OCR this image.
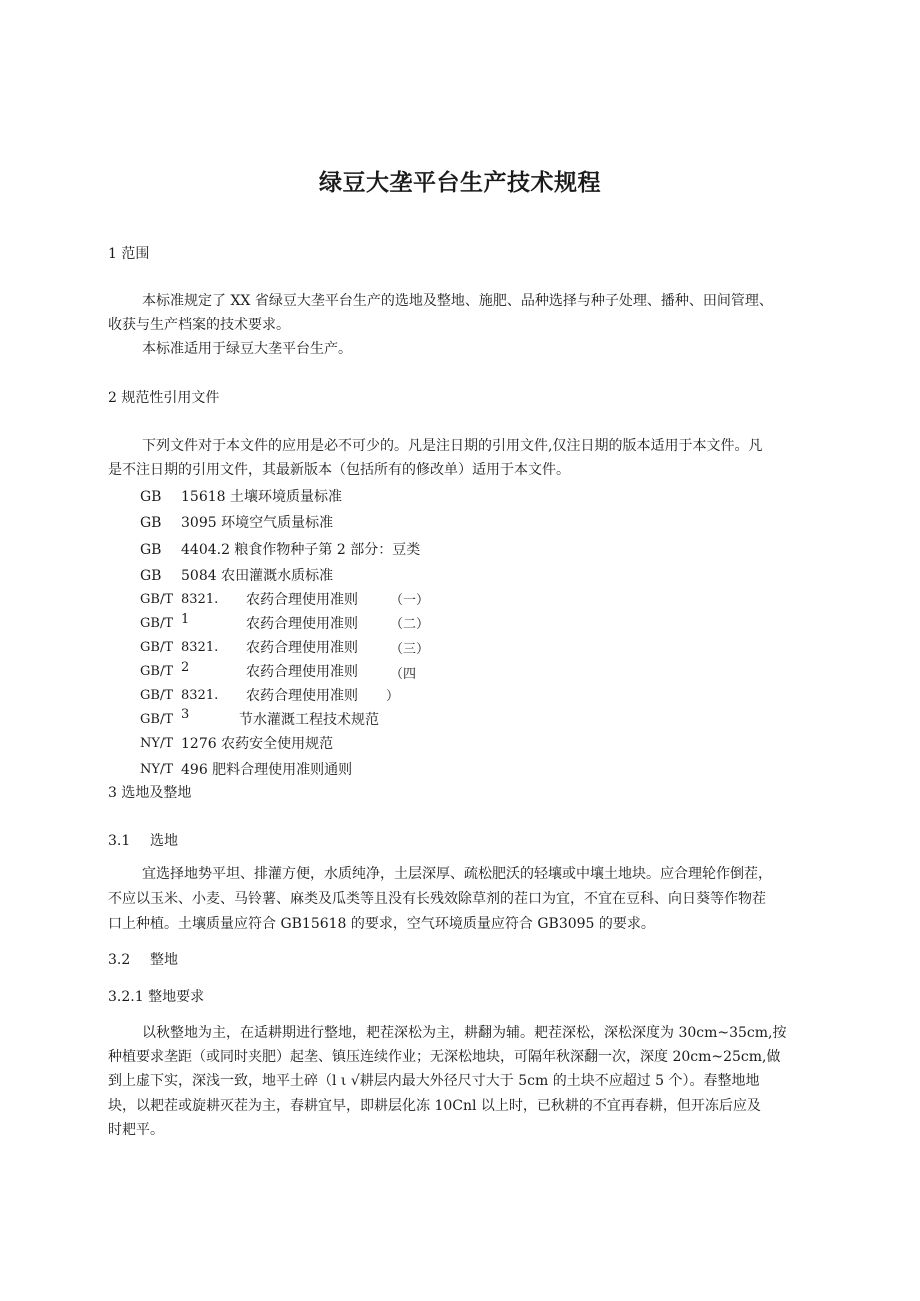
绿豆大垄平台生产技术规程
1 范围
本标准规定了 XX 省绿豆大垄平台生产的选地及整地、施肥、品种选择与种子处理、播种、田间管理、
收获与生产档案的技术要求。
本标准适用于绿豆大垄平台生产。
2 规范性引用文件
下列文件对于本文件的应用是必不可少的。凡是注日期的引用文件,仅注日期的版本适用于本文件。凡
是不注日期的引用文件，其最新版本（包括所有的修改单）适用于本文件。
GB 15618 土壤环境质量标准
GB 3095 环境空气质量标准
GB 4404.2 粮食作物种子第 2 部分：豆类
GB 5084 农田灌溉水质标准
GB/T
GB/T
GB/T
GB/T
GB/T
GB/T
NY/T
NY/T
8321.
1
8321.
2
8321.
3
1276 农药安全使用规范
496 肥料合理使用准则通则
农药合理使用准则
农药合理使用准则
农药合理使用准则
农药合理使用准则
农药合理使用准则
节水灌溉工程技术规范
（一）
（二）
（三）
（四
）
3 选地及整地
3.1 选地
宜选择地势平坦、排灌方便，水质纯净，土层深厚、疏松肥沃的轻壤或中壤土地块。应合理轮作倒茬，
不应以玉米、小麦、马铃薯、麻类及瓜类等且没有长残效除草剂的茬口为宜，不宜在豆科、向日葵等作物茬
口上种植。土壤质量应符合 GB15618 的要求，空气环境质量应符合 GB3095 的要求。
3.2 整地
3.2.1 整地要求
以秋整地为主，在适耕期进行整地，耙茬深松为主，耕翻为辅。耙茬深松，深松深度为 30cm~35cm,按
种植要求垄距（或同时夹肥）起垄、镇压连续作业；无深松地块，可隔年秋深翻一次，深度 20cm~25cm,做
到上虚下实，深浅一致，地平土碎（l ι √耕层内最大外径尺寸大于 5cm 的土块不应超过 5 个）。春整地地
块，以耙茬或旋耕灭茬为主，春耕宜早，即耕层化冻 10Cnl 以上时，已秋耕的不宜再春耕，但开冻后应及
时耙平。
